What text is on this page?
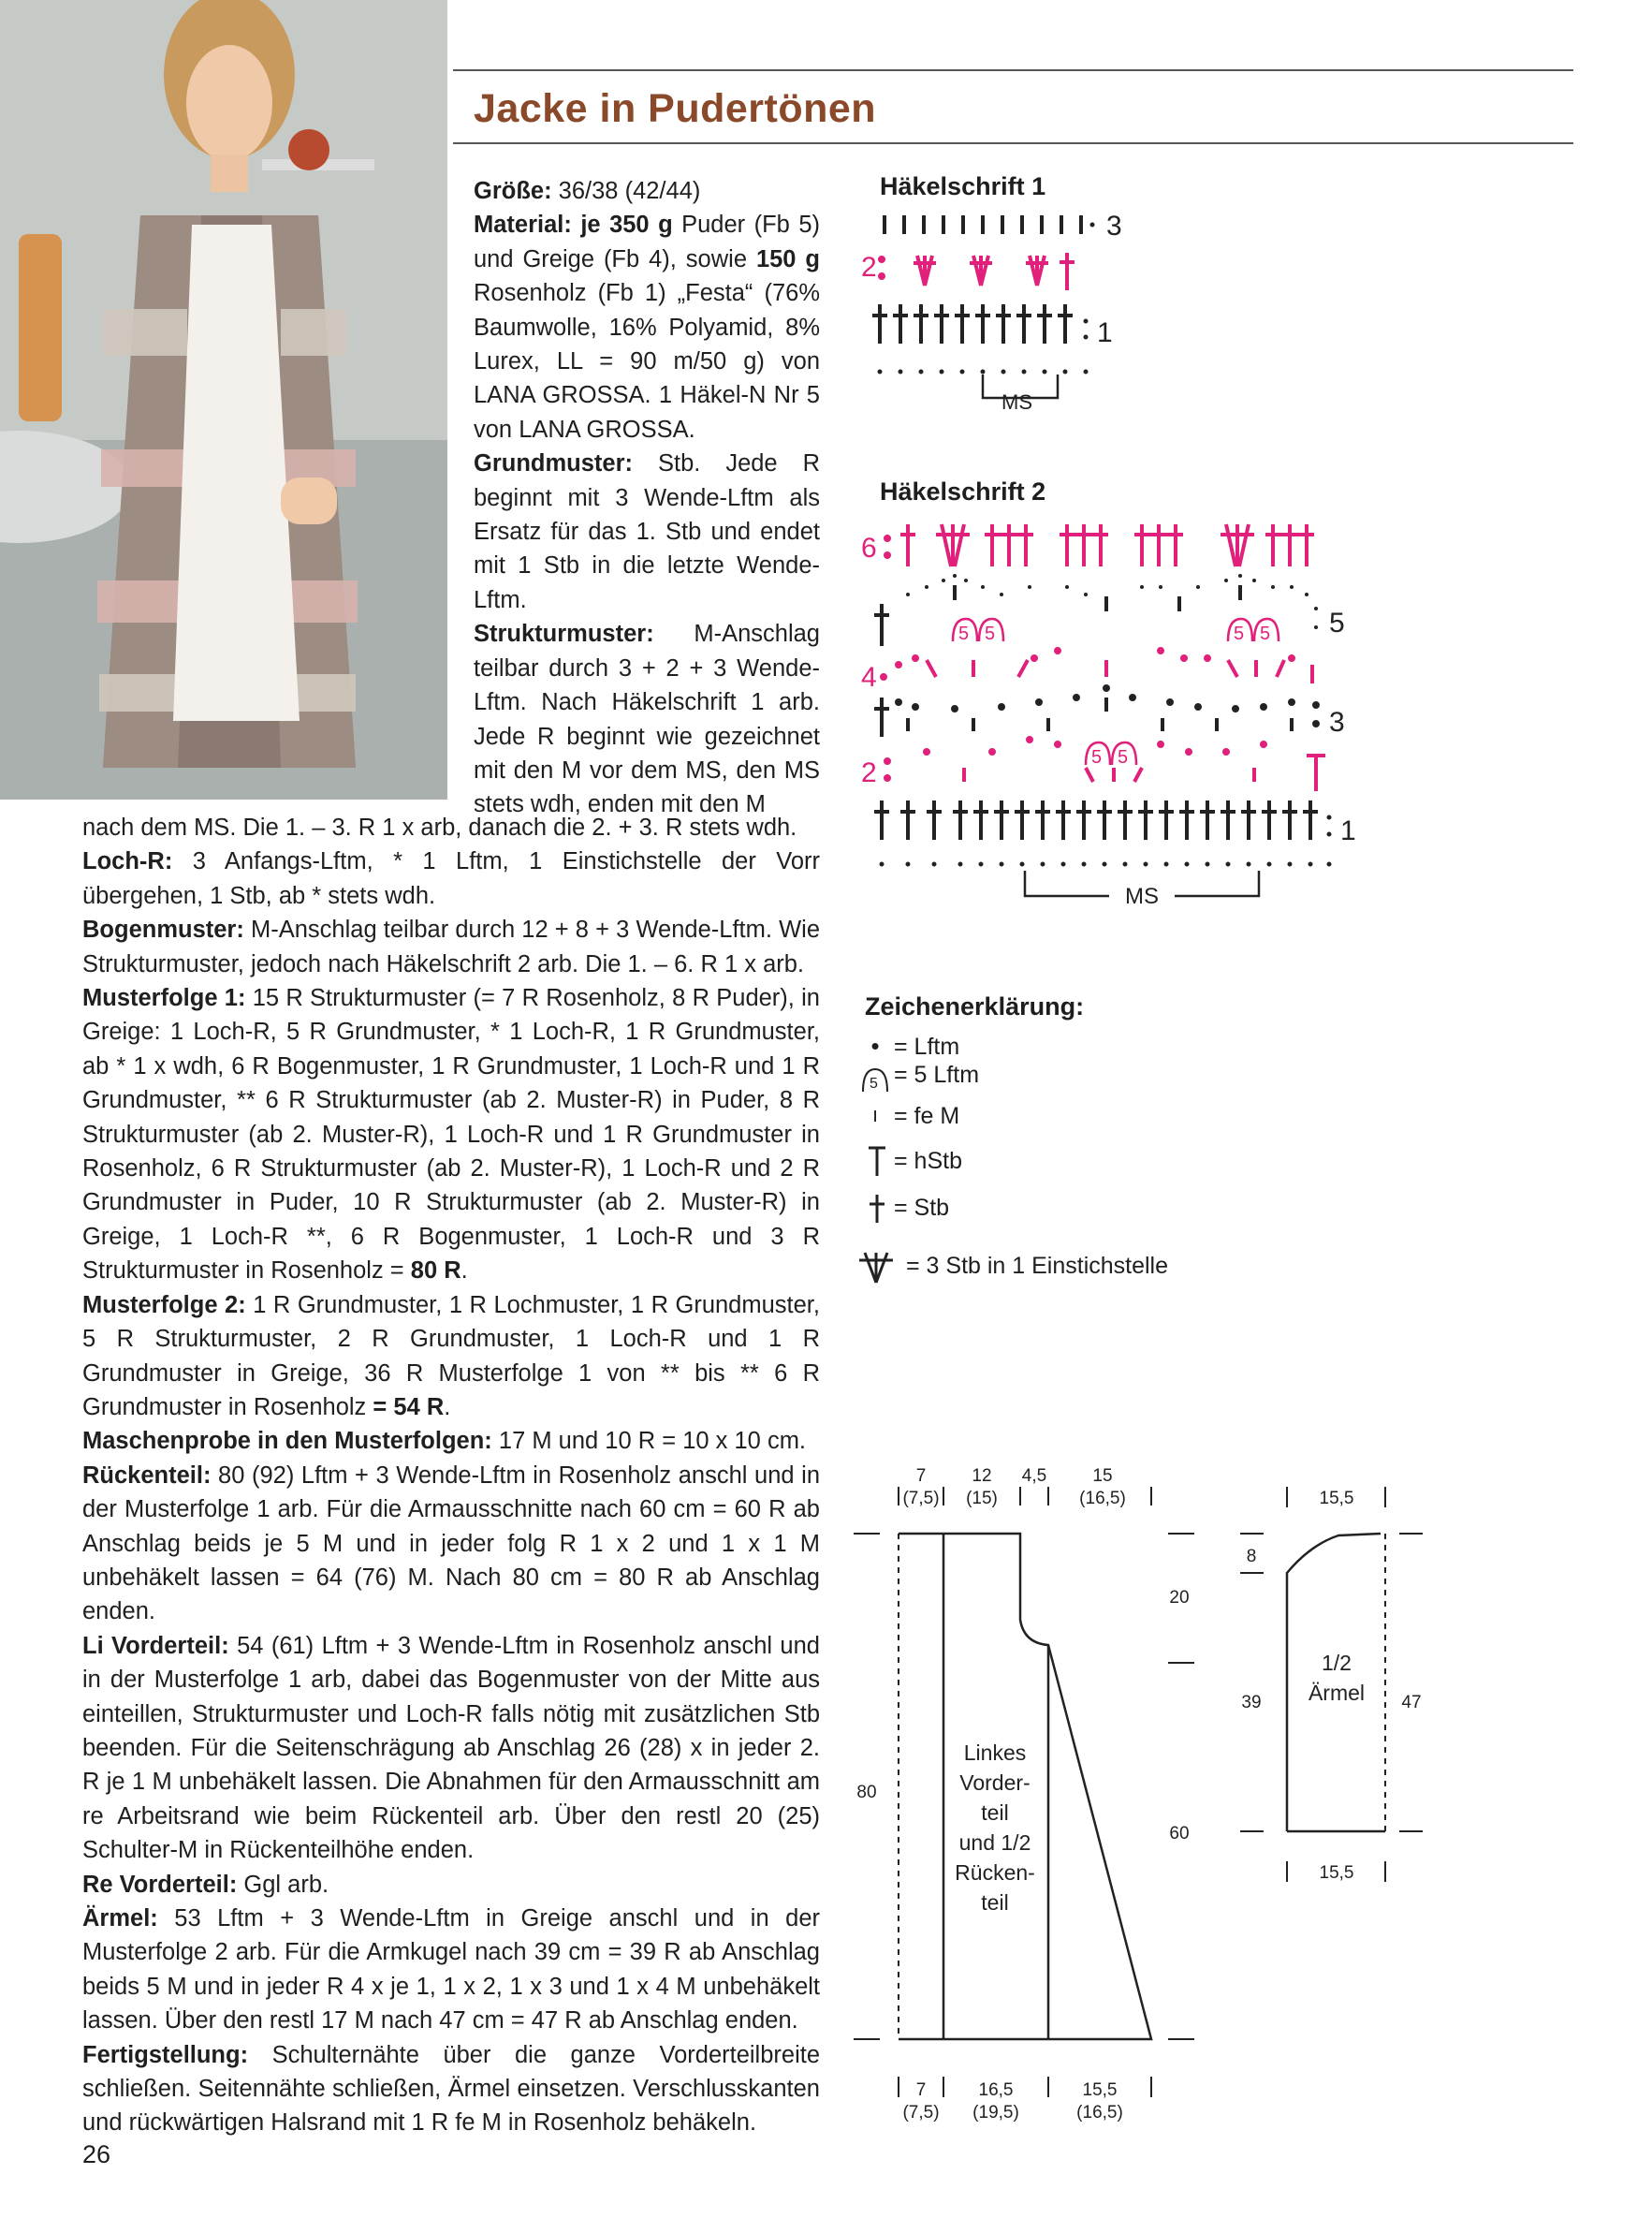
Jacke in Pudertönen

Größe: 36/38 (42/44)

Material: je 350 g Puder (Fb 5) und Greige (Fb 4), sowie 150 g Rosenholz (Fb 1) „Festa“ (76% Baumwolle, 16% Polyamid, 8% Lurex, LL = 90 m/50 g) von LANA GROSSA. 1 Häkel-N Nr 5 von LANA GROSSA.

Grundmuster: Stb. Jede R beginnt mit 3 Wende-Lftm als Ersatz für das 1. Stb und endet mit 1 Stb in die letzte Wende-Lftm.

Strukturmuster: M-Anschlag teilbar durch 3 + 2 + 3 Wende-Lftm. Nach Häkelschrift 1 arb. Jede R beginnt wie gezeichnet mit den M vor dem MS, den MS stets wdh, enden mit den M

nach dem MS. Die 1. – 3. R 1 x arb, danach die 2. + 3. R stets wdh.

Loch-R: 3 Anfangs-Lftm, * 1 Lftm, 1 Einstichstelle der Vorr übergehen, 1 Stb, ab * stets wdh.

Bogenmuster: M-Anschlag teilbar durch 12 + 8 + 3 Wende-Lftm. Wie Strukturmuster, jedoch nach Häkelschrift 2 arb. Die 1. – 6. R 1 x arb.

Musterfolge 1: 15 R Strukturmuster (= 7 R Rosenholz, 8 R Puder), in Greige: 1 Loch-R, 5 R Grundmuster, * 1 Loch-R, 1 R Grundmuster, ab * 1 x wdh, 6 R Bogenmuster, 1 R Grundmuster, 1 Loch-R und 1 R Grundmuster, ** 6 R Strukturmuster (ab 2. Muster-R) in Puder, 8 R Strukturmuster (ab 2. Muster-R), 1 Loch-R und 1 R Grundmuster in Rosenholz, 6 R Strukturmuster (ab 2. Muster-R), 1 Loch-R und 2 R Grundmuster in Puder, 10 R Strukturmuster (ab 2. Muster-R) in Greige, 1 Loch-R **, 6 R Bogenmuster, 1 Loch-R und 3 R Strukturmuster in Rosenholz = 80 R.

Musterfolge 2: 1 R Grundmuster, 1 R Lochmuster, 1 R Grundmuster, 5 R Strukturmuster, 2 R Grundmuster, 1 Loch-R und 1 R Grundmuster in Greige, 36 R Musterfolge 1 von ** bis ** 6 R Grundmuster in Rosenholz = 54 R.

Maschenprobe in den Musterfolgen: 17 M und 10 R = 10 x 10 cm.

Rückenteil: 80 (92) Lftm + 3 Wende-Lftm in Rosenholz anschl und in der Musterfolge 1 arb. Für die Armausschnitte nach 60 cm = 60 R ab Anschlag beids je 5 M und in jeder folg R 1 x 2 und 1 x 1 M unbehäkelt lassen = 64 (76) M. Nach 80 cm = 80 R ab Anschlag enden.

Li Vorderteil: 54 (61) Lftm + 3 Wende-Lftm in Rosenholz anschl und in der Musterfolge 1 arb, dabei das Bogenmuster von der Mitte aus einteillen, Strukturmuster und Loch-R falls nötig mit zusätzlichen Stb beenden. Für die Seitenschrägung ab Anschlag 26 (28) x in jeder 2. R je 1 M unbehäkelt lassen. Die Abnahmen für den Armausschnitt am re Arbeitsrand wie beim Rückenteil arb. Über den restl 20 (25) Schulter-M in Rückenteilhöhe enden.

Re Vorderteil: Ggl arb.

Ärmel: 53 Lftm + 3 Wende-Lftm in Greige anschl und in der Musterfolge 2 arb. Für die Armkugel nach 39 cm = 39 R ab Anschlag beids 5 M und in jeder R 4 x je 1, 1 x 2, 1 x 3 und 1 x 4 M unbehäkelt lassen. Über den restl 17 M nach 47 cm = 47 R ab Anschlag enden.

Fertigstellung: Schulternähte über die ganze Vorderteilbreite schließen. Seitennähte schließen, Ärmel einsetzen. Verschlusskanten und rückwärtigen Halsrand mit 1 R fe M in Rosenholz behäkeln.

26
Häkelschrift 1
3
2
1
MS
Häkelschrift 2
6
5
5 5	5 5
4
3
5 5
2
1
MS
Zeichenerklärung:
• = Lftm
5 = 5 Lftm
ı = fe M
= hStb
= Stb
= 3 Stb in 1 Einstichstelle
7
(7,5)
12
(15)
4,5	15
(16,5)
20
60
80
Linkes
Vorder-
teil
und 1/2
Rücken-
teil
7
(7,5)
16,5
(19,5)
15,5
(16,5)
15,5
8
39	47
1/2
Ärmel
15,5
